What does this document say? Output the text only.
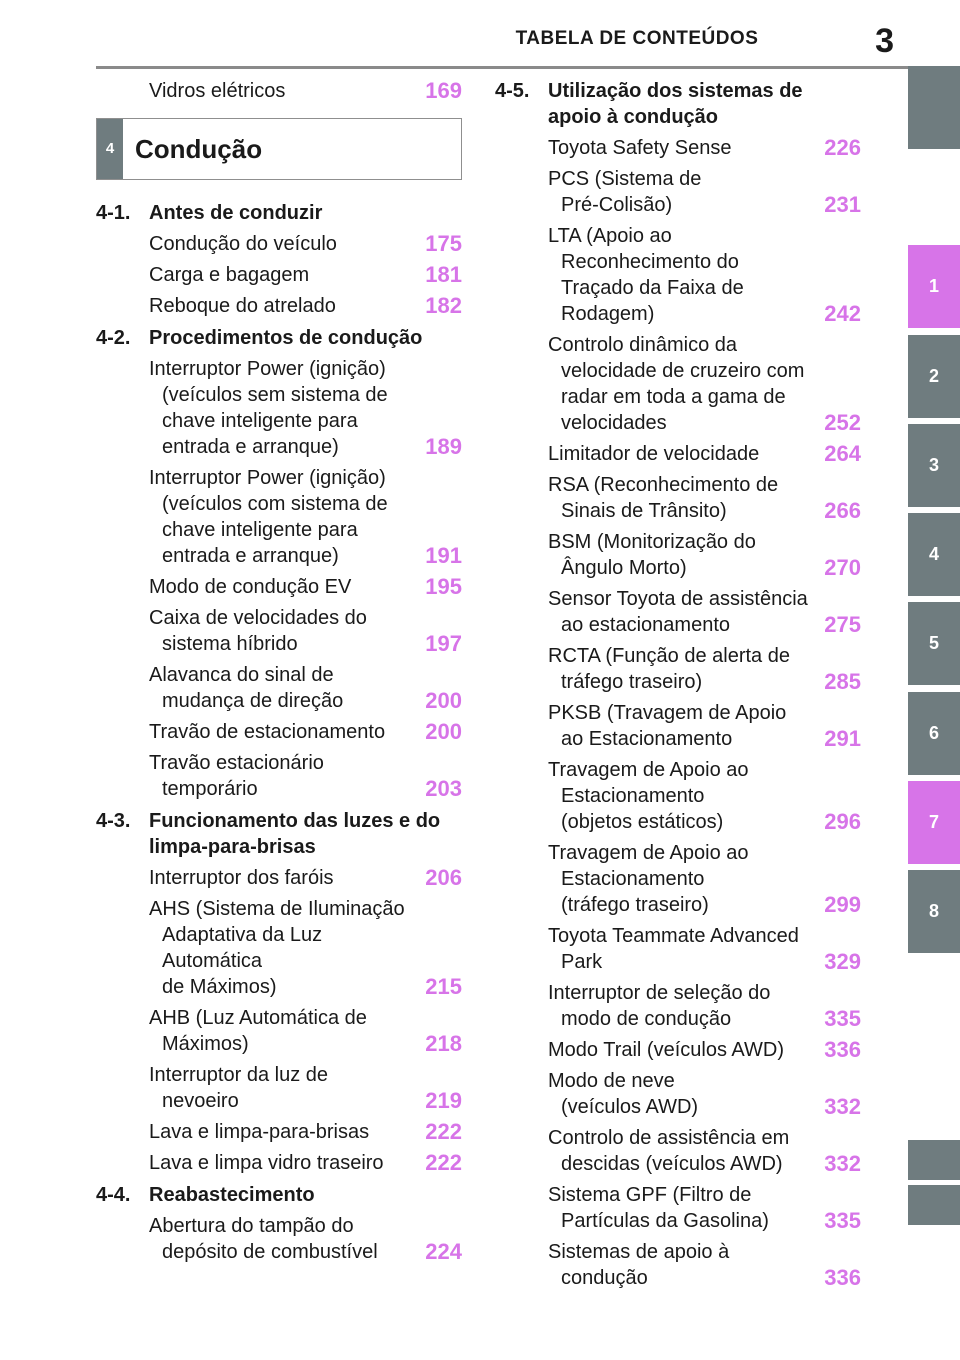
TABELA DE CONTEÚDOS	3
1
2
3
4
5
6
7
8
Vidros elétricos
.....	169
4 Condução
4-1. Antes de conduzir
Condução do veículo
.....	175
Carga e bagagem
.....	181
Reboque do atrelado
.....	182
4-2. Procedimentos de condução
Interruptor Power (ignição)
(veículos sem sistema de
chave inteligente para
entrada e arranque)
.....	189
Interruptor Power (ignição)
(veículos com sistema de
chave inteligente para
entrada e arranque)
.....	191
Modo de condução EV
.....	195
Caixa de velocidades do
sistema híbrido
.....	197
Alavanca do sinal de
mudança de direção
.....	200
Travão de estacionamento
.....	200
Travão estacionário
temporário
.....	203
4-3. Funcionamento das luzes e do limpa-para-brisas
Interruptor dos faróis
.....	206
AHS (Sistema de Iluminação
Adaptativa da Luz Automática
de Máximos)
.....	215
AHB (Luz Automática de
Máximos)
.....	218
Interruptor da luz de
nevoeiro
.....	219
Lava e limpa-para-brisas
.....	222
Lava e limpa vidro traseiro
.....	222
4-4. Reabastecimento
Abertura do tampão do
depósito de combustível
.....	224
4-5. Utilização dos sistemas de apoio à condução
Toyota Safety Sense
.....	226
PCS (Sistema de
Pré-Colisão)
.....	231
LTA (Apoio ao
Reconhecimento do
Traçado da Faixa de
Rodagem)
.....	242
Controlo dinâmico da
velocidade de cruzeiro com
radar em toda a gama de
velocidades
.....	252
Limitador de velocidade
.....	264
RSA (Reconhecimento de
Sinais de Trânsito)
.....	266
BSM (Monitorização do
Ângulo Morto)
.....	270
Sensor Toyota de assistência
ao estacionamento
.....	275
RCTA (Função de alerta de
tráfego traseiro)
.....	285
PKSB (Travagem de Apoio
ao Estacionamento
.....	291
Travagem de Apoio ao
Estacionamento
(objetos estáticos)
.....	296
Travagem de Apoio ao
Estacionamento
(tráfego traseiro)
.....	299
Toyota Teammate Advanced
Park
.....	329
Interruptor de seleção do
modo de condução
.....	335
Modo Trail (veículos AWD)
.....	336
Modo de neve
(veículos AWD)
.....	332
Controlo de assistência em
descidas (veículos AWD)
.....	332
Sistema GPF (Filtro de
Partículas da Gasolina)
.....	335
Sistemas de apoio à
condução
.....	336
